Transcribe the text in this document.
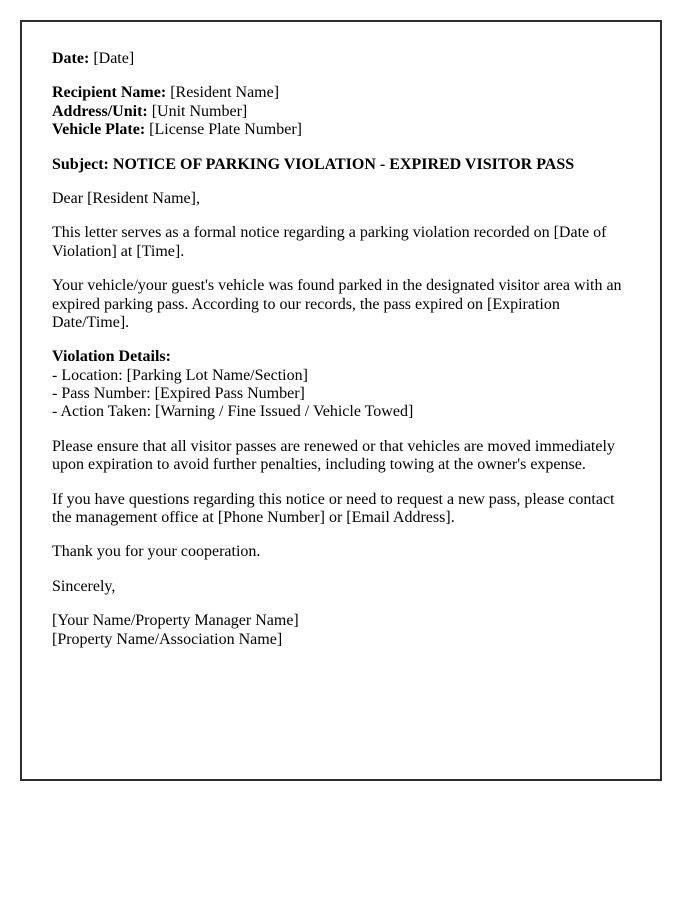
Date: [Date]

Recipient Name: [Resident Name]
Address/Unit: [Unit Number]
Vehicle Plate: [License Plate Number]

Subject: NOTICE OF PARKING VIOLATION - EXPIRED VISITOR PASS

Dear [Resident Name],

This letter serves as a formal notice regarding a parking violation recorded on [Date of Violation] at [Time].

Your vehicle/your guest's vehicle was found parked in the designated visitor area with an expired parking pass. According to our records, the pass expired on [Expiration Date/Time].

Violation Details:
- Location: [Parking Lot Name/Section]
- Pass Number: [Expired Pass Number]
- Action Taken: [Warning / Fine Issued / Vehicle Towed]

Please ensure that all visitor passes are renewed or that vehicles are moved immediately upon expiration to avoid further penalties, including towing at the owner's expense.

If you have questions regarding this notice or need to request a new pass, please contact the management office at [Phone Number] or [Email Address].

Thank you for your cooperation.

Sincerely,

[Your Name/Property Manager Name]
[Property Name/Association Name]
